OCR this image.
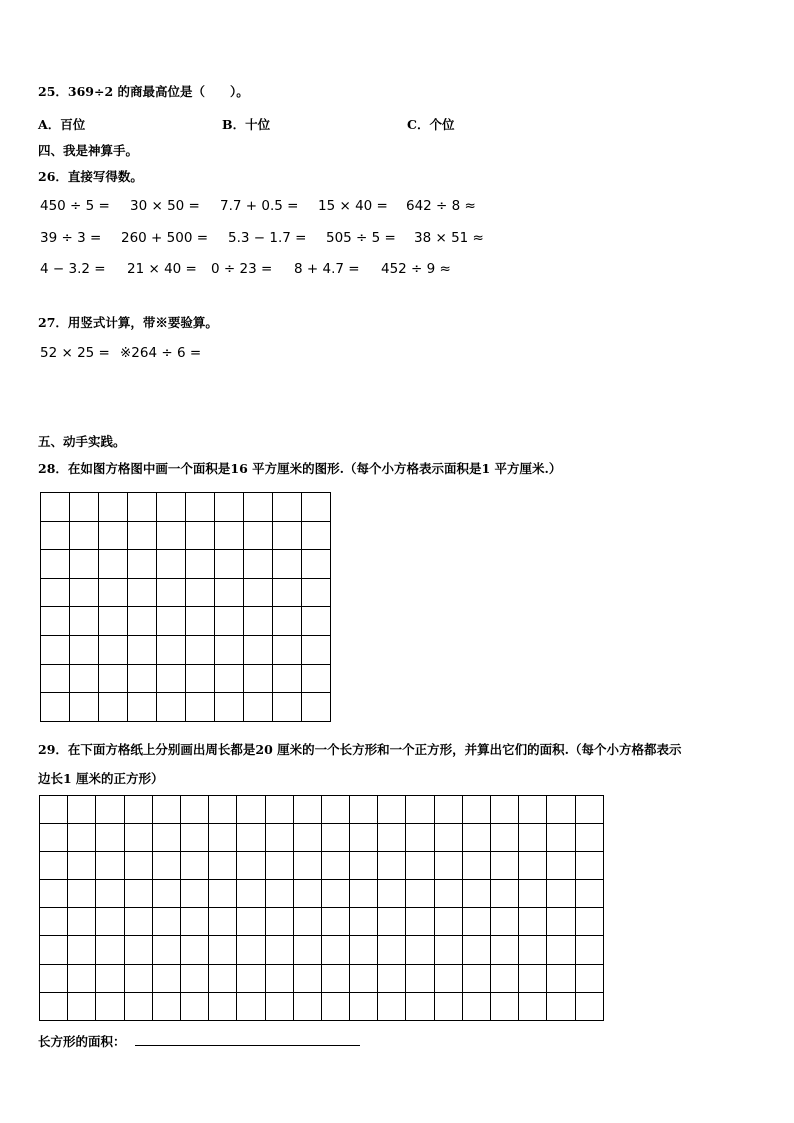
25．369÷2 的商最高位是（　　）。
A．百位	B．十位	C．个位
四、我是神算手。
26．直接写得数。
450 ÷ 5 = 30 × 50 = 7.7 + 0.5 = 15 × 40 = 642 ÷ 8 ≈
39 ÷ 3 = 260 + 500 = 5.3 − 1.7 = 505 ÷ 5 = 38 × 51 ≈
4 − 3.2 = 21 × 40 = 0 ÷ 23 = 8 + 4.7 = 452 ÷ 9 ≈
27．用竖式计算，带※要验算。
52 × 25 = ※264 ÷ 6 =
五、动手实践。
28．在如图方格图中画一个面积是16 平方厘米的图形.（每个小方格表示面积是1 平方厘米.）

29．在下面方格纸上分别画出周长都是20 厘米的一个长方形和一个正方形，并算出它们的面积.（每个小方格都表示
边长1 厘米的正方形）

长方形的面积：
